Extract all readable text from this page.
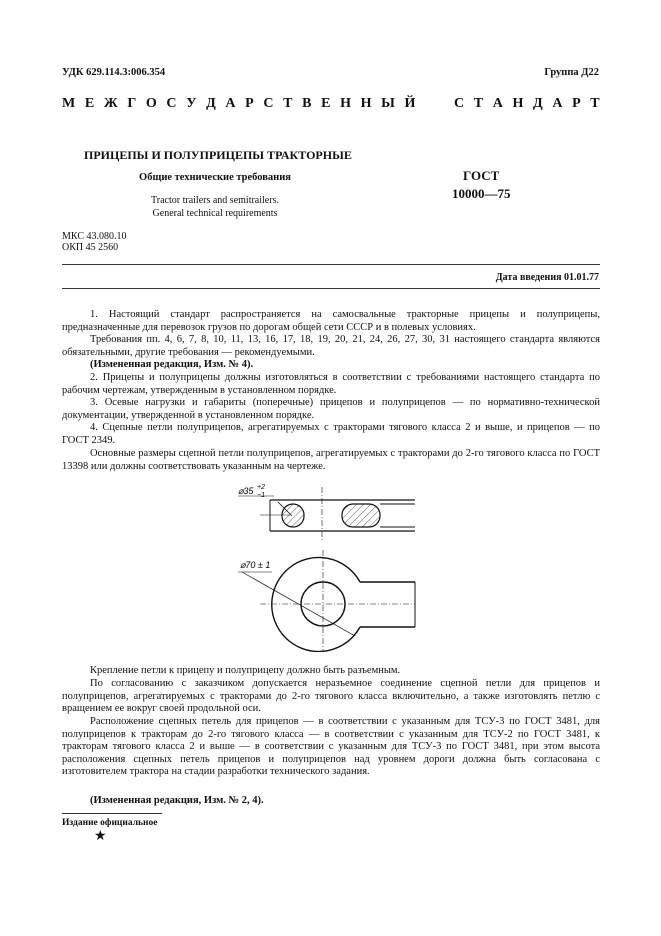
УДК 629.114.3:006.354	Группа Д22
М Е Ж Г О С У Д А Р С Т В Е Н Н Ы Й	С Т А Н Д А Р Т
ПРИЦЕПЫ И ПОЛУПРИЦЕПЫ ТРАКТОРНЫЕ
Общие технические требования
Tractor trailers and semitrailers.
General technical requirements
ГОСТ
10000—75
МКС 43.080.10
ОКП 45 2560
Дата введения 01.01.77
1. Настоящий стандарт распространяется на самосвальные тракторные прицепы и полуприцепы, предназначенные для перевозок грузов по дорогам общей сети СССР и в полевых условиях.
Требования пп. 4, 6, 7, 8, 10, 11, 13, 16, 17, 18, 19, 20, 21, 24, 26, 27, 30, 31 настоящего стандарта являются обязательными, другие требования — рекомендуемыми.
(Измененная редакция, Изм. № 4).
2. Прицепы и полуприцепы должны изготовляться в соответствии с требованиями настоящего стандарта по рабочим чертежам, утвержденным в установленном порядке.
3. Осевые нагрузки и габариты (поперечные) прицепов и полуприцепов — по нормативно-технической документации, утвержденной в установленном порядке.
4. Сцепные петли полуприцепов, агрегатируемых с тракторами тягового класса 2 и выше, и прицепов — по ГОСТ 2349.
Основные размеры сцепной петли полуприцепов, агрегатируемых с тракторами до 2-го тягового класса по ГОСТ 13398 или должны соответствовать указанным на чертеже.
⌀35 +2
−1
⌀70 ± 1
Крепление петли к прицепу и полуприцепу должно быть разъемным.
По согласованию с заказчиком допускается неразъемное соединение сцепной петли для прицепов и полуприцепов, агрегатируемых с тракторами до 2-го тягового класса включительно, а также изготовлять петлю с вращением ее вокруг своей продольной оси.
Расположение сцепных петель для прицепов — в соответствии с указанным для ТСУ-3 по ГОСТ 3481, для полуприцепов к тракторам до 2-го тягового класса — в соответствии с указанным для ТСУ-2 по ГОСТ 3481, к тракторам тягового класса 2 и выше — в соответствии с указанным для ТСУ-3 по ГОСТ 3481, при этом высота расположения сцепных петель прицепов и полуприцепов над уровнем дороги должна быть согласована с изготовителем трактора на стадии разработки технического задания.
(Измененная редакция, Изм. № 2, 4).
Издание официальное
★
